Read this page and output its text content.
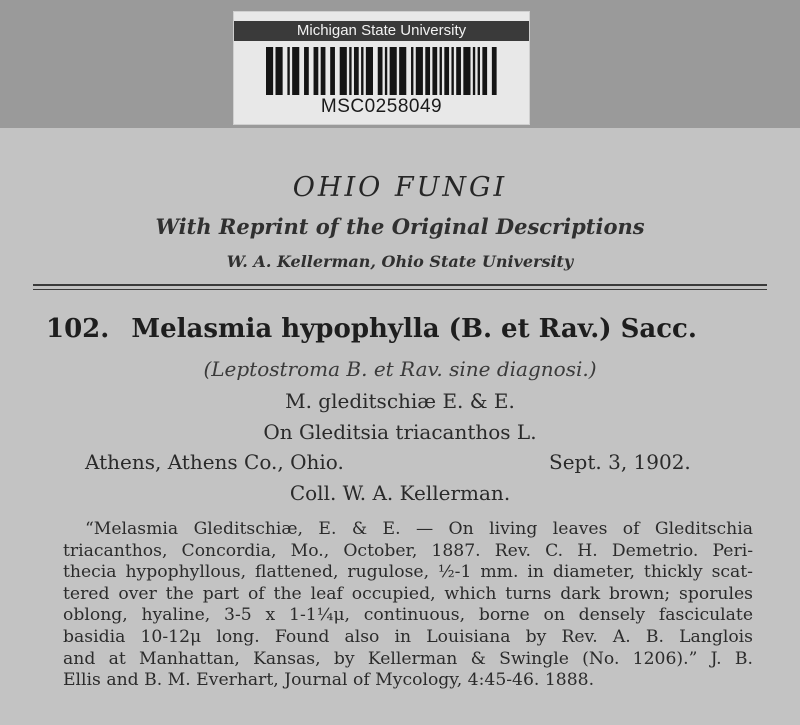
Michigan State University
MSC0258049
OHIO FUNGI
With Reprint of the Original Descriptions
W. A. Kellerman, Ohio State University
102. Melasmia hypophylla (B. et Rav.) Sacc.
(Leptostroma B. et Rav. sine diagnosi.)
M. gleditschiæ E. & E.
On Gleditsia triacanthos L.
Athens, Athens Co., Ohio.	Sept. 3, 1902.
Coll. W. A. Kellerman.
“Melasmia Gleditschiæ, E. & E. — On living leaves of Gleditschia
triacanthos, Concordia, Mo., October, 1887. Rev. C. H. Demetrio. Peri-
thecia hypophyllous, flattened, rugulose, ½-1 mm. in diameter, thickly scat-
tered over the part of the leaf occupied, which turns dark brown; sporules
oblong, hyaline, 3-5 x 1-1¼μ, continuous, borne on densely fasciculate
basidia 10-12μ long. Found also in Louisiana by Rev. A. B. Langlois
and at Manhattan, Kansas, by Kellerman & Swingle (No. 1206).” J. B.
Ellis and B. M. Everhart, Journal of Mycology, 4:45-46. 1888.
